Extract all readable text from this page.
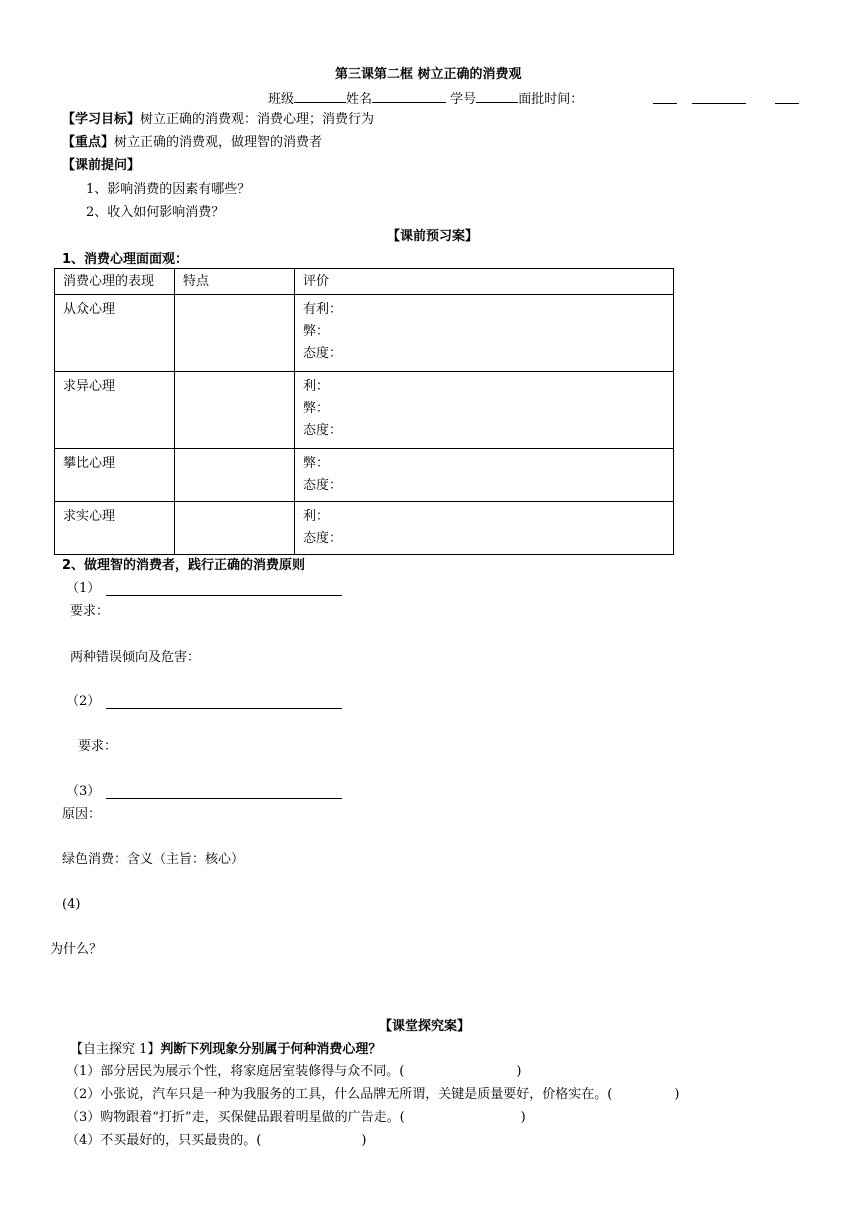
第三课第二框 树立正确的消费观
班级	姓名	学号	面批时间：
【学习目标】树立正确的消费观：消费心理；消费行为
【重点】树立正确的消费观，做理智的消费者
【课前提问】
1、影响消费的因素有哪些？
2、收入如何影响消费？
【课前预习案】
1、消费心理面面观：
消费心理的表现	特点	评价
从众心理		有利：
弊：
态度：

求异心理		利：
弊：
态度：

攀比心理		弊：
态度：

求实心理		利：
态度：
2、做理智的消费者，践行正确的消费原则
（1）
要求：
两种错误倾向及危害：
（2）
要求：
（3）
原因：
绿色消费：含义（主旨：核心）
(4)
为什么？
【课堂探究案】
【自主探究 1】判断下列现象分别属于何种消费心理？
（1）部分居民为展示个性，将家庭居室装修得与众不同。(	)
（2）小张说，汽车只是一种为我服务的工具，什么品牌无所谓，关键是质量要好，价格实在。(	)
（3）购物跟着“打折”走，买保健品跟着明星做的广告走。(	)
（4）不买最好的，只买最贵的。(	)
